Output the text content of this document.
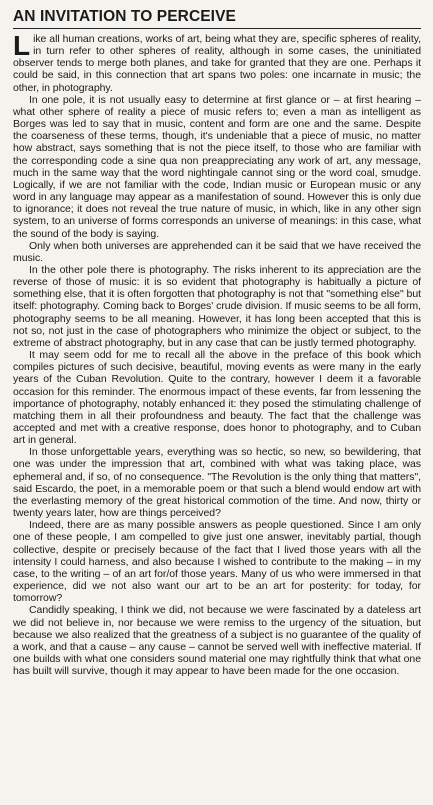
AN INVITATION TO PERCEIVE

Like all human creations, works of art, being what they are, specific spheres of reality, in turn refer to other spheres of reality, although in some cases, the uninitiated observer tends to merge both planes, and take for granted that they are one. Perhaps it could be said, in this connection that art spans two poles: one incarnate in music; the other, in photography.

In one pole, it is not usually easy to determine at first glance or – at first hearing – what other sphere of reality a piece of music refers to; even a man as intelligent as Borges was led to say that in music, content and form are one and the same. Despite the coarseness of these terms, though, it's undeniable that a piece of music, no matter how abstract, says something that is not the piece itself, to those who are familiar with the corresponding code a sine qua non preappreciating any work of art, any message, much in the same way that the word nightingale cannot sing or the word coal, smudge. Logically, if we are not familiar with the code, Indian music or European music or any word in any language may appear as a manifestation of sound. However this is only due to ignorance; it does not reveal the true nature of music, in which, like in any other sign system, to an universe of forms corresponds an universe of meanings: in this case, what the sound of the body is saying.

Only when both universes are apprehended can it be said that we have received the music.

In the other pole there is photography. The risks inherent to its appreciation are the reverse of those of music: it is so evident that photography is habitually a picture of something else, that it is often forgotten that photography is not that "something else" but itself: photography. Coming back to Borges' crude division. If music seems to be all form, photography seems to be all meaning. However, it has long been accepted that this is not so, not just in the case of photographers who minimize the object or subject, to the extreme of abstract photography, but in any case that can be justly termed photography.

It may seem odd for me to recall all the above in the preface of this book which compiles pictures of such decisive, beautiful, moving events as were many in the early years of the Cuban Revolution. Quite to the contrary, however I deem it a favorable occasion for this reminder. The enormous impact of these events, far from lessening the importance of photography, notably enhanced it: they posed the stimulating challenge of matching them in all their profoundness and beauty. The fact that the challenge was accepted and met with a creative response, does honor to photography, and to Cuban art in general.

In those unforgettable years, everything was so hectic, so new, so bewildering, that one was under the impression that art, combined with what was taking place, was ephemeral and, if so, of no consequence. "The Revolution is the only thing that matters", said Escardo, the poet, in a memorable poem or that such a blend would endow art with the everlasting memory of the great historical commotion of the time. And now, thirty or twenty years later, how are things perceived?

Indeed, there are as many possible answers as people questioned. Since I am only one of these people, I am compelled to give just one answer, inevitably partial, though collective, despite or precisely because of the fact that I lived those years with all the intensity I could harness, and also because I wished to contribute to the making – in my case, to the writing – of an art for/of those years. Many of us who were immersed in that experience, did we not also want our art to be an art for posterity: for today, for tomorrow?

Candidly speaking, I think we did, not because we were fascinated by a dateless art we did not believe in, nor because we were remiss to the urgency of the situation, but because we also realized that the greatness of a subject is no guarantee of the quality of a work, and that a cause – any cause – cannot be served well with ineffective material. If one builds with what one considers sound material one may rightfully think that what one has built will survive, though it may appear to have been made for the one occasion.
